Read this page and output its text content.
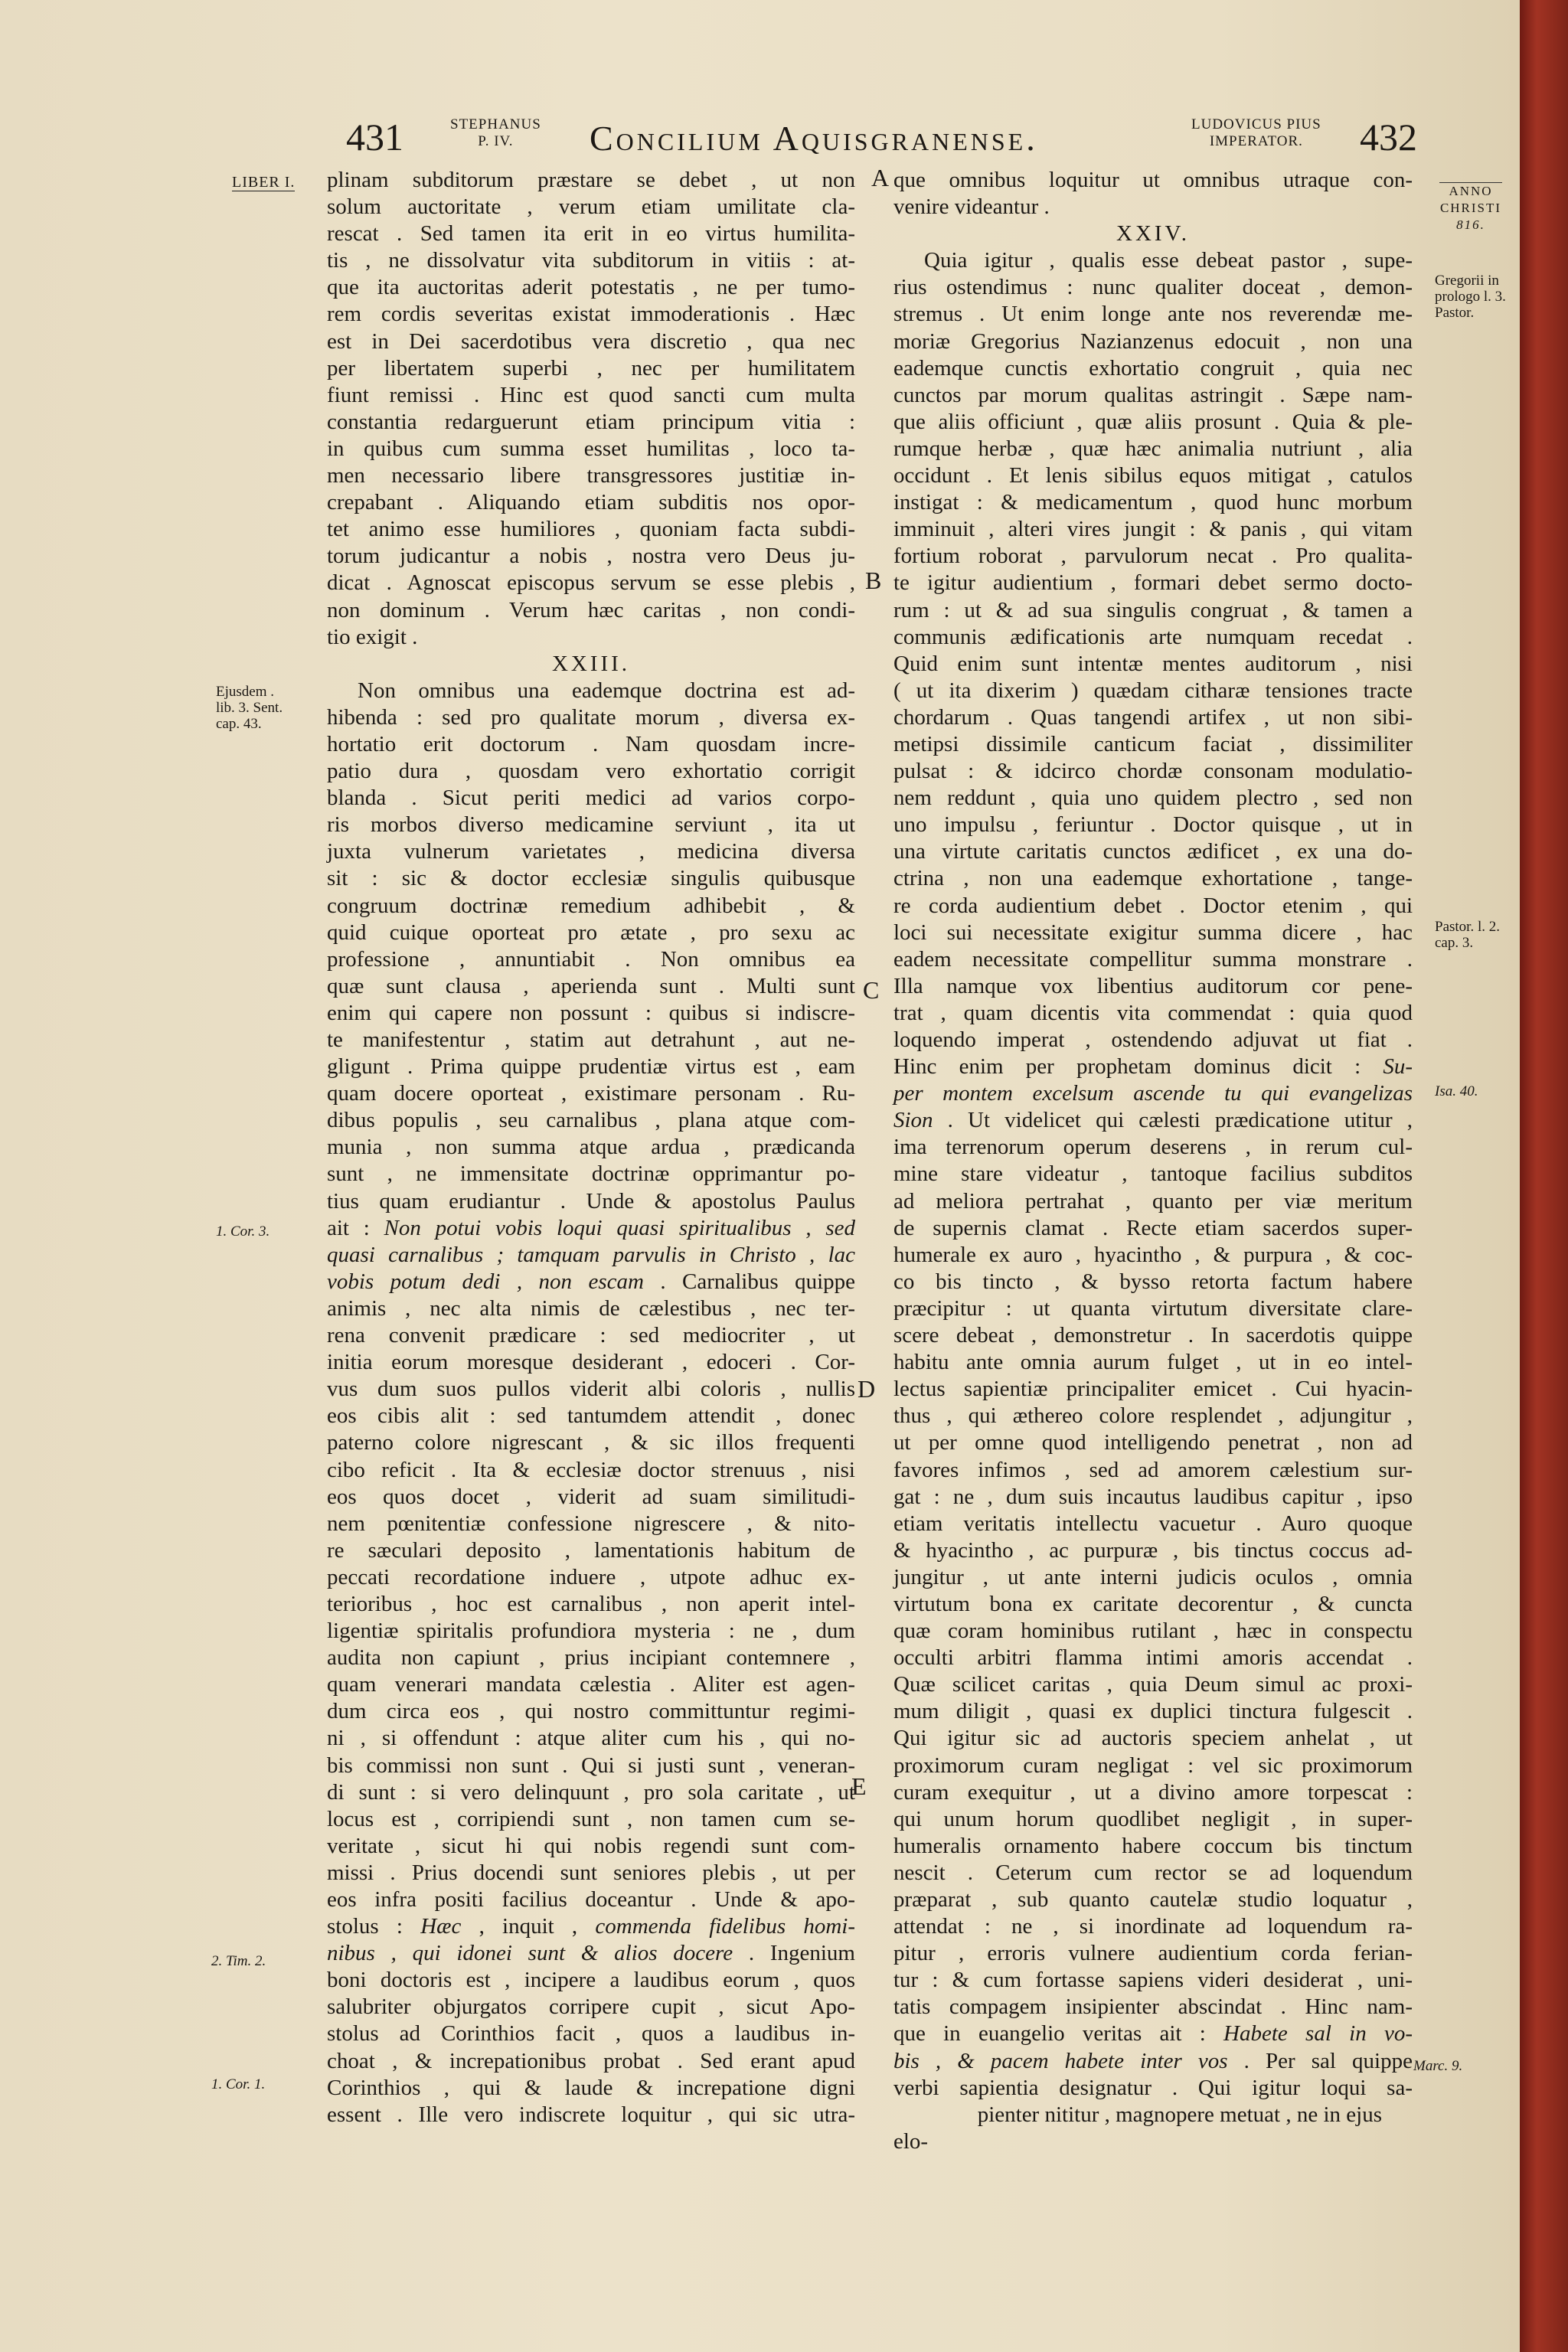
431	STEPHANUS
P. IV.	Concilium Aquisgranense.	LUDOVICUS PIUS
IMPERATOR.	432
LIBER I.
ANNO
CHRISTI
816.
Ejusdem .
lib. 3. Sent.
cap. 43.
1. Cor. 3.
2. Tim. 2.
1. Cor. 1.
Gregorii in
prologo l. 3.
Pastor.
Pastor. l. 2.
cap. 3.
Isa. 40.
Marc. 9.
A
B
C
D
E
plinam subditorum præstare se debet , ut non
solum auctoritate , verum etiam umilitate cla-
rescat . Sed tamen ita erit in eo virtus humilita-
tis , ne dissolvatur vita subditorum in vitiis : at-
que ita auctoritas aderit potestatis , ne per tumo-
rem cordis severitas existat immoderationis . Hæc
est in Dei sacerdotibus vera discretio , qua nec
per libertatem superbi , nec per humilitatem
fiunt remissi . Hinc est quod sancti cum multa
constantia redarguerunt etiam principum vitia :
in quibus cum summa esset humilitas , loco ta-
men necessario libere transgressores justitiæ in-
crepabant . Aliquando etiam subditis nos opor-
tet animo esse humiliores , quoniam facta subdi-
torum judicantur a nobis , nostra vero Deus ju-
dicat . Agnoscat episcopus servum se esse plebis ,
non dominum . Verum hæc caritas , non condi-
tio exigit .
XXIII.
Non omnibus una eademque doctrina est ad-
hibenda : sed pro qualitate morum , diversa ex-
hortatio erit doctorum . Nam quosdam incre-
patio dura , quosdam vero exhortatio corrigit
blanda . Sicut periti medici ad varios corpo-
ris morbos diverso medicamine serviunt , ita ut
juxta vulnerum varietates , medicina diversa
sit : sic & doctor ecclesiæ singulis quibusque
congruum doctrinæ remedium adhibebit , &
quid cuique oporteat pro ætate , pro sexu ac
professione , annuntiabit . Non omnibus ea
quæ sunt clausa , aperienda sunt . Multi sunt
enim qui capere non possunt : quibus si indiscre-
te manifestentur , statim aut detrahunt , aut ne-
gligunt . Prima quippe prudentiæ virtus est , eam
quam docere oporteat , existimare personam . Ru-
dibus populis , seu carnalibus , plana atque com-
munia , non summa atque ardua , prædicanda
sunt , ne immensitate doctrinæ opprimantur po-
tius quam erudiantur . Unde & apostolus Paulus
ait : Non potui vobis loqui quasi spiritualibus , sed
quasi carnalibus ; tamquam parvulis in Christo , lac
vobis potum dedi , non escam . Carnalibus quippe
animis , nec alta nimis de cælestibus , nec ter-
rena convenit prædicare : sed mediocriter , ut
initia eorum moresque desiderant , edoceri . Cor-
vus dum suos pullos viderit albi coloris , nullis
eos cibis alit : sed tantumdem attendit , donec
paterno colore nigrescant , & sic illos frequenti
cibo reficit . Ita & ecclesiæ doctor strenuus , nisi
eos quos docet , viderit ad suam similitudi-
nem pœnitentiæ confessione nigrescere , & nito-
re sæculari deposito , lamentationis habitum de
peccati recordatione induere , utpote adhuc ex-
terioribus , hoc est carnalibus , non aperit intel-
ligentiæ spiritalis profundiora mysteria : ne , dum
audita non capiunt , prius incipiant contemnere ,
quam venerari mandata cælestia . Aliter est agen-
dum circa eos , qui nostro committuntur regimi-
ni , si offendunt : atque aliter cum his , qui no-
bis commissi non sunt . Qui si justi sunt , veneran-
di sunt : si vero delinquunt , pro sola caritate , ut
locus est , corripiendi sunt , non tamen cum se-
veritate , sicut hi qui nobis regendi sunt com-
missi . Prius docendi sunt seniores plebis , ut per
eos infra positi facilius doceantur . Unde & apo-
stolus : Hæc , inquit , commenda fidelibus homi-
nibus , qui idonei sunt & alios docere . Ingenium
boni doctoris est , incipere a laudibus eorum , quos
salubriter objurgatos corripere cupit , sicut Apo-
stolus ad Corinthios facit , quos a laudibus in-
choat , & increpationibus probat . Sed erant apud
Corinthios , qui & laude & increpatione digni
essent . Ille vero indiscrete loquitur , qui sic utra-
que omnibus loquitur ut omnibus utraque con-
venire videantur .
XXIV.
Quia igitur , qualis esse debeat pastor , supe-
rius ostendimus : nunc qualiter doceat , demon-
stremus . Ut enim longe ante nos reverendæ me-
moriæ Gregorius Nazianzenus edocuit , non una
eademque cunctis exhortatio congruit , quia nec
cunctos par morum qualitas astringit . Sæpe nam-
que aliis officiunt , quæ aliis prosunt . Quia & ple-
rumque herbæ , quæ hæc animalia nutriunt , alia
occidunt . Et lenis sibilus equos mitigat , catulos
instigat : & medicamentum , quod hunc morbum
imminuit , alteri vires jungit : & panis , qui vitam
fortium roborat , parvulorum necat . Pro qualita-
te igitur audientium , formari debet sermo docto-
rum : ut & ad sua singulis congruat , & tamen a
communis ædificationis arte numquam recedat .
Quid enim sunt intentæ mentes auditorum , nisi
( ut ita dixerim ) quædam citharæ tensiones tracte
chordarum . Quas tangendi artifex , ut non sibi-
metipsi dissimile canticum faciat , dissimiliter
pulsat : & idcirco chordæ consonam modulatio-
nem reddunt , quia uno quidem plectro , sed non
uno impulsu , feriuntur . Doctor quisque , ut in
una virtute caritatis cunctos ædificet , ex una do-
ctrina , non una eademque exhortatione , tange-
re corda audientium debet . Doctor etenim , qui
loci sui necessitate exigitur summa dicere , hac
eadem necessitate compellitur summa monstrare .
Illa namque vox libentius auditorum cor pene-
trat , quam dicentis vita commendat : quia quod
loquendo imperat , ostendendo adjuvat ut fiat .
Hinc enim per prophetam dominus dicit : Su-
per montem excelsum ascende tu qui evangelizas
Sion . Ut videlicet qui cælesti prædicatione utitur ,
ima terrenorum operum deserens , in rerum cul-
mine stare videatur , tantoque facilius subditos
ad meliora pertrahat , quanto per viæ meritum
de supernis clamat . Recte etiam sacerdos super-
humerale ex auro , hyacintho , & purpura , & coc-
co bis tincto , & bysso retorta factum habere
præcipitur : ut quanta virtutum diversitate clare-
scere debeat , demonstretur . In sacerdotis quippe
habitu ante omnia aurum fulget , ut in eo intel-
lectus sapientiæ principaliter emicet . Cui hyacin-
thus , qui æthereo colore resplendet , adjungitur ,
ut per omne quod intelligendo penetrat , non ad
favores infimos , sed ad amorem cælestium sur-
gat : ne , dum suis incautus laudibus capitur , ipso
etiam veritatis intellectu vacuetur . Auro quoque
& hyacintho , ac purpuræ , bis tinctus coccus ad-
jungitur , ut ante interni judicis oculos , omnia
virtutum bona ex caritate decorentur , & cuncta
quæ coram hominibus rutilant , hæc in conspectu
occulti arbitri flamma intimi amoris accendat .
Quæ scilicet caritas , quia Deum simul ac proxi-
mum diligit , quasi ex duplici tinctura fulgescit .
Qui igitur sic ad auctoris speciem anhelat , ut
proximorum curam negligat : vel sic proximorum
curam exequitur , ut a divino amore torpescat :
qui unum horum quodlibet negligit , in super-
humeralis ornamento habere coccum bis tinctum
nescit . Ceterum cum rector se ad loquendum
præparat , sub quanto cautelæ studio loquatur ,
attendat : ne , si inordinate ad loquendum ra-
pitur , erroris vulnere audientium corda ferian-
tur : & cum fortasse sapiens videri desiderat , uni-
tatis compagem insipienter abscindat . Hinc nam-
que in euangelio veritas ait : Habete sal in vo-
bis , & pacem habete inter vos . Per sal quippe
verbi sapientia designatur . Qui igitur loqui sa-
pienter nititur , magnopere metuat , ne in ejus
elo-
